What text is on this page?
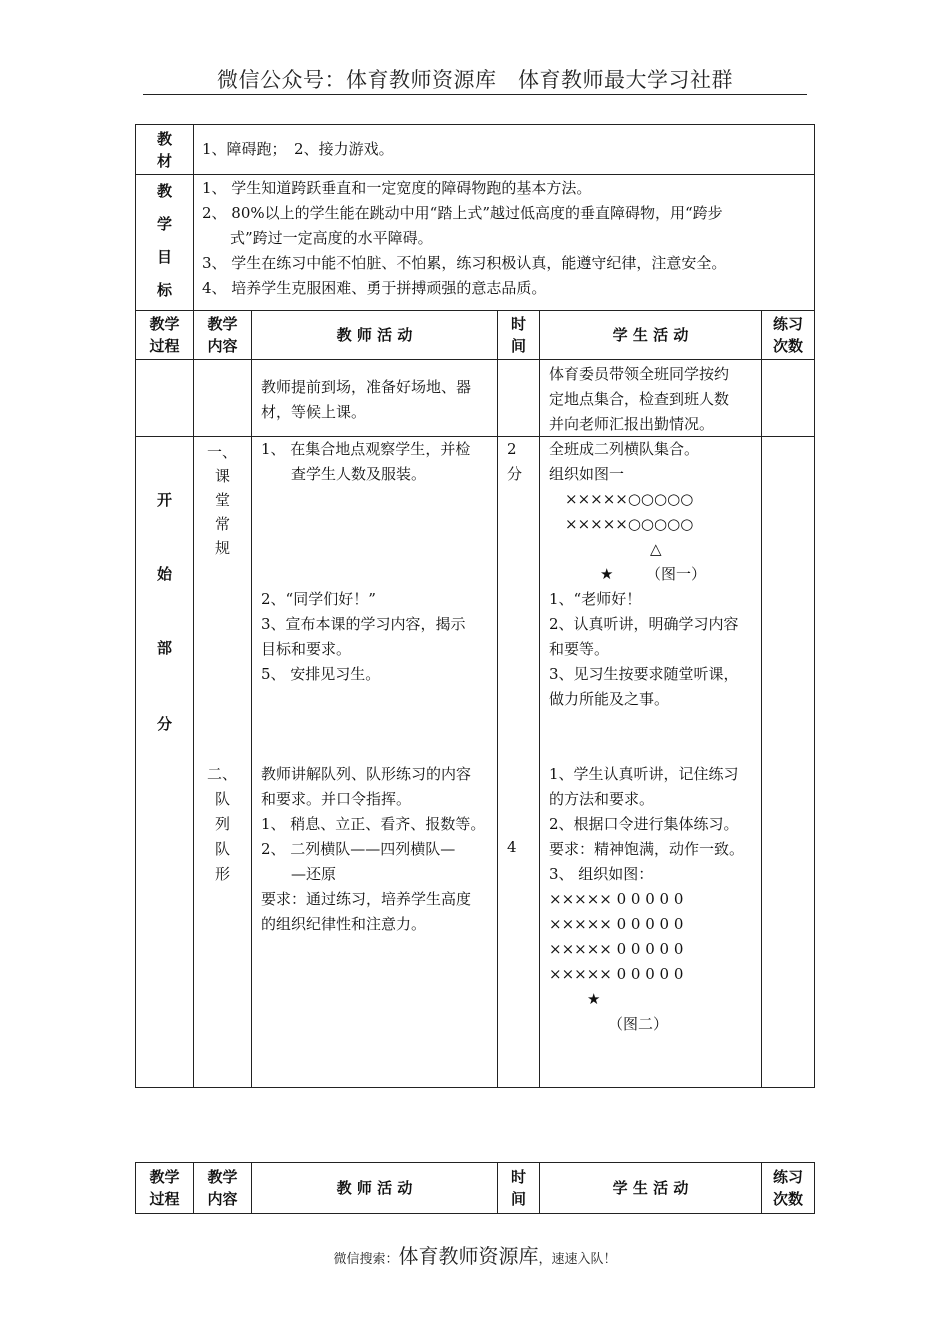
微信公众号：体育教师资源库　体育教师最大学习社群
教
材
1、障碍跑；　2、接力游戏。
教
学
目
标
1、 学生知道跨跃垂直和一定宽度的障碍物跑的基本方法。
2、 80%以上的学生能在跳动中用“踏上式”越过低高度的垂直障碍物，用“跨步
式”跨过一定高度的水平障碍。
3、 学生在练习中能不怕脏、不怕累，练习积极认真，能遵守纪律，注意安全。
4、 培养学生克服困难、勇于拼搏顽强的意志品质。
教学
过程
教学
内容
教 师 活 动
时
间
学 生 活 动
练习
次数
教师提前到场，准备好场地、器
材，等候上课。
体育委员带领全班同学按约
定地点集合，检查到班人数
并向老师汇报出勤情况。
开
始
部
分
一、
课
堂
常
规
二、
队
列
队
形
1、 在集合地点观察学生，并检
　　查学生人数及服装。
2、“同学们好！”
3、宣布本课的学习内容，揭示
目标和要求。
5、 安排见习生。
教师讲解队列、队形练习的内容
和要求。并口令指挥。
1、 稍息、立正、看齐、报数等。
2、 二列横队——四列横队—
　　—还原
要求：通过练习，培养学生高度
的组织纪律性和注意力。
2
分
4
全班成二列横队集合。
组织如图一
×××××○○○○○
×××××○○○○○
△
★ （图一）
1、“老师好！
2、认真听讲，明确学习内容
和要等。
3、见习生按要求随堂听课，
做力所能及之事。
1、学生认真听讲，记住练习
的方法和要求。
2、根据口令进行集体练习。
要求：精神饱满，动作一致。
3、 组织如图：
××××× 0 0 0 0 0
××××× 0 0 0 0 0
××××× 0 0 0 0 0
××××× 0 0 0 0 0
★
（图二）
教学
过程
教学
内容
教 师 活 动
时
间
学 生 活 动
练习
次数
微信搜索：体育教师资源库，速速入队！
